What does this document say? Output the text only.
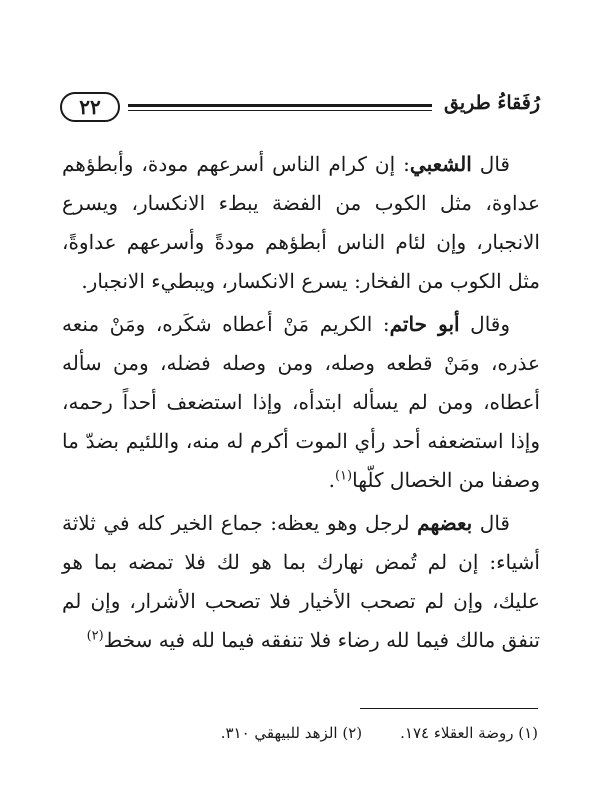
٢٢	رُفَقاءُ طريق

قال الشعبي: إن كرام الناس أسرعهم مودة، وأبطؤهم عداوة، مثل الكوب من الفضة يبطء الانكسار، ويسرع الانجبار، وإن لئام الناس أبطؤهم مودةً وأسرعهم عداوةً، مثل الكوب من الفخار: يسرع الانكسار، ويبطيء الانجبار.

وقال أبو حاتم: الكريم مَنْ أعطاه شكَره، ومَنْ منعه عذره، ومَنْ قطعه وصله، ومن وصله فضله، ومن سأله أعطاه، ومن لم يسأله ابتدأه، وإذا استضعف أحداً رحمه، وإذا استضعفه أحد رأي الموت أكرم له منه، واللئيم بضدّ ما وصفنا من الخصال كلّها$^{(١)}$.

قال بعضهم لرجل وهو يعظه: جماع الخير كله في ثلاثة أشياء: إن لم تُمض نهارك بما هو لك فلا تمضه بما هو عليك، وإن لم تصحب الأخيار فلا تصحب الأشرار، وإن لم تنفق مالك فيما لله رضاء فلا تنفقه فيما لله فيه سخط$^{(٢)}$

(١) روضة العقلاء ١٧٤.
(٢) الزهد للبيهقي ٣١٠.
